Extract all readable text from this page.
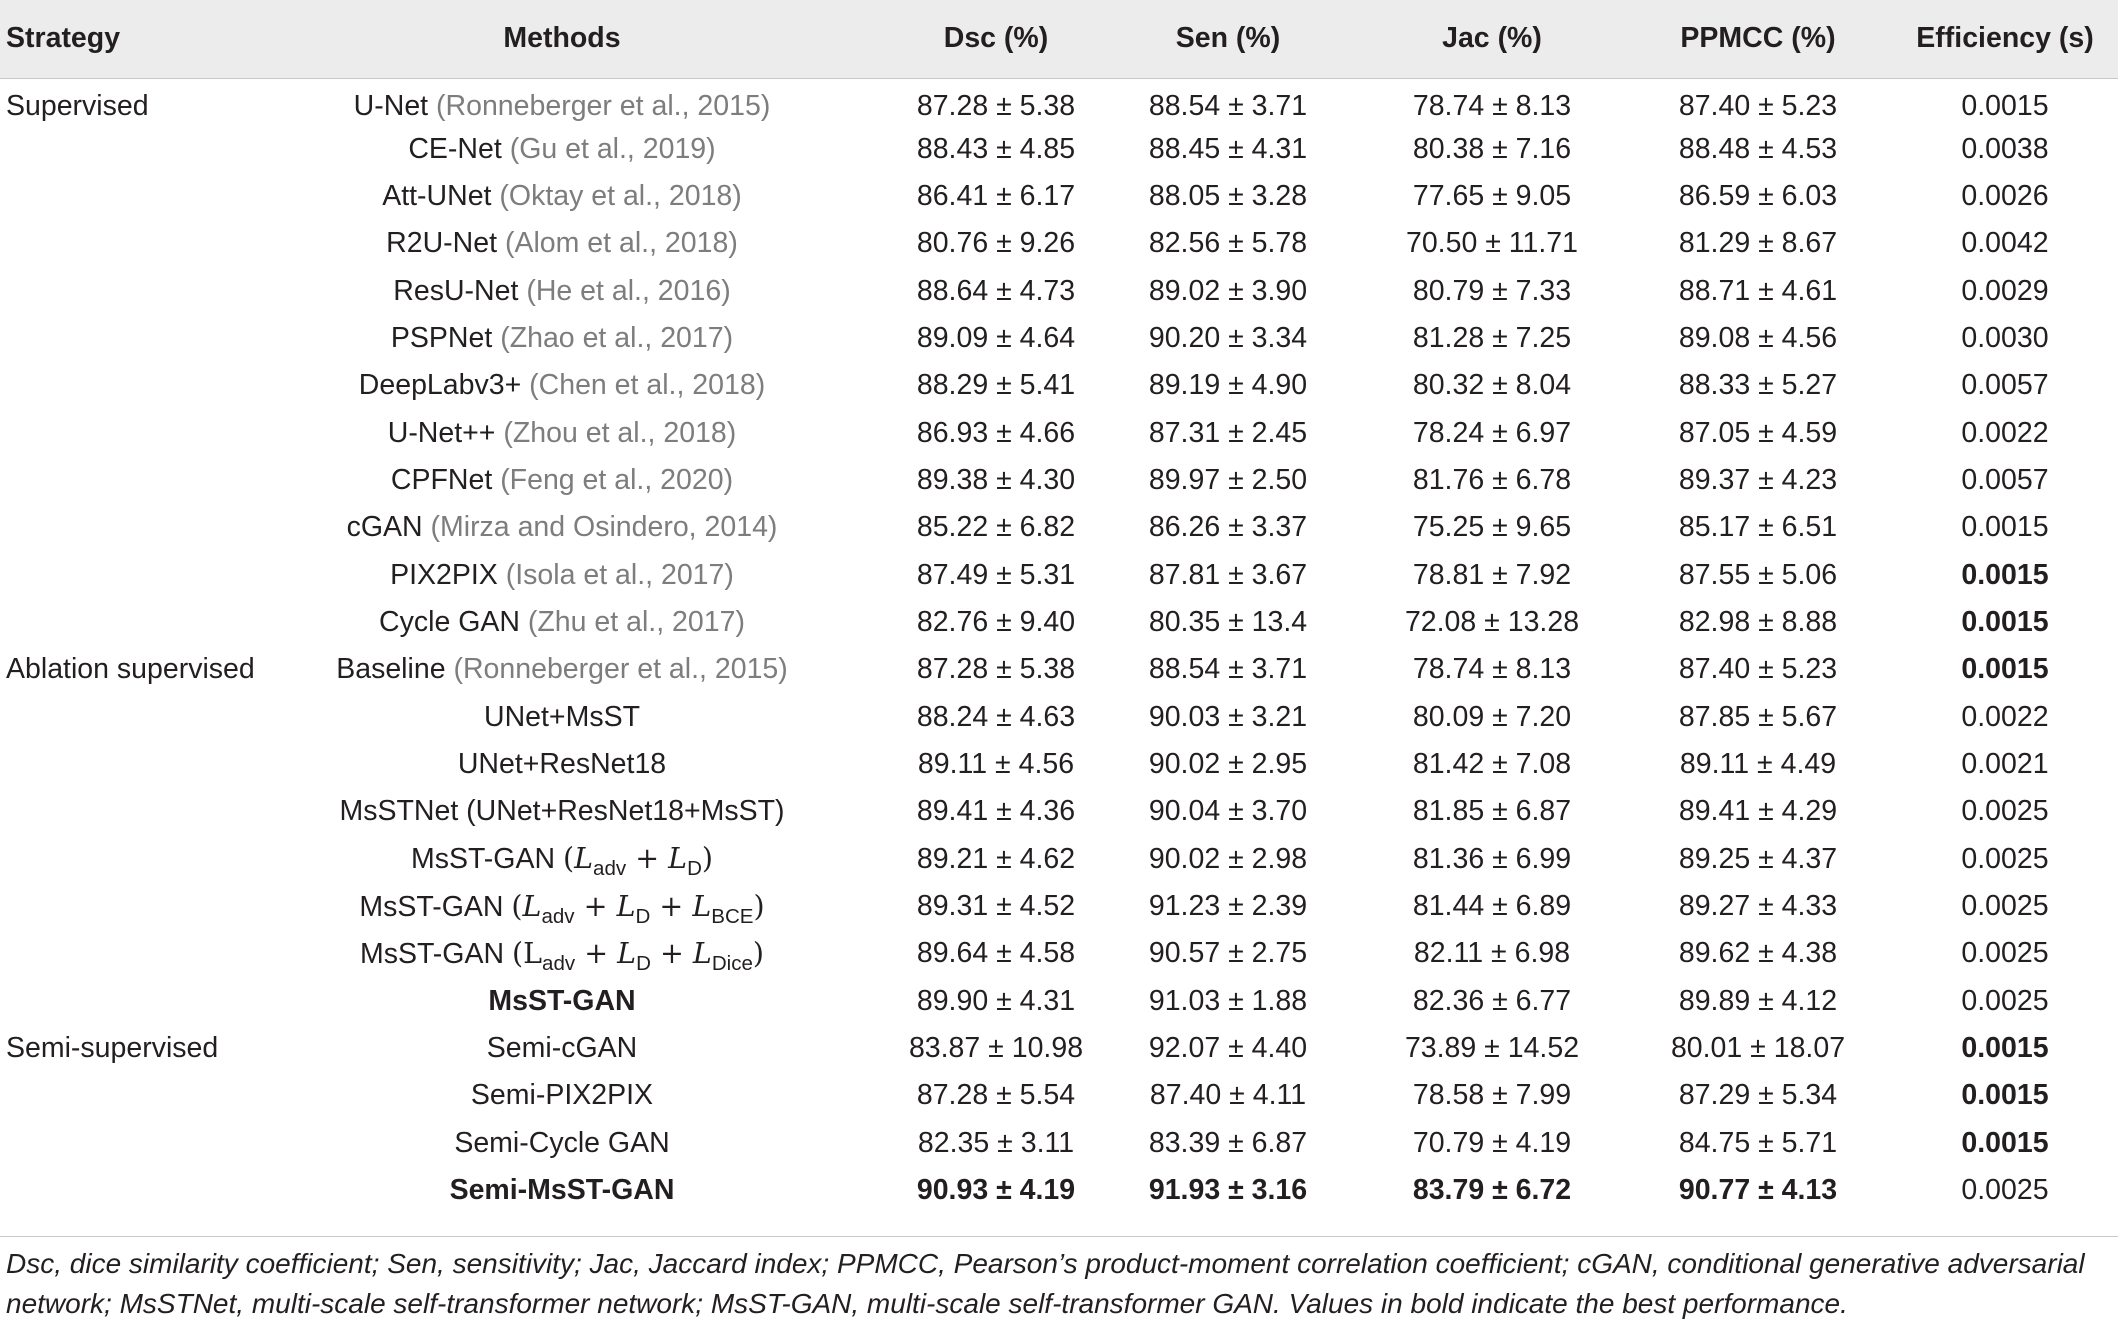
Strategy	Methods	Dsc (%)	Sen (%)	Jac (%)	PPMCC (%)	Efficiency (s)
Supervised	U-Net (Ronneberger et al., 2015)	87.28 ± 5.38	88.54 ± 3.71	78.74 ± 8.13	87.40 ± 5.23	0.0015
	CE-Net (Gu et al., 2019)	88.43 ± 4.85	88.45 ± 4.31	80.38 ± 7.16	88.48 ± 4.53	0.0038
	Att-UNet (Oktay et al., 2018)	86.41 ± 6.17	88.05 ± 3.28	77.65 ± 9.05	86.59 ± 6.03	0.0026
	R2U-Net (Alom et al., 2018)	80.76 ± 9.26	82.56 ± 5.78	70.50 ± 11.71	81.29 ± 8.67	0.0042
	ResU-Net (He et al., 2016)	88.64 ± 4.73	89.02 ± 3.90	80.79 ± 7.33	88.71 ± 4.61	0.0029
	PSPNet (Zhao et al., 2017)	89.09 ± 4.64	90.20 ± 3.34	81.28 ± 7.25	89.08 ± 4.56	0.0030
	DeepLabv3+ (Chen et al., 2018)	88.29 ± 5.41	89.19 ± 4.90	80.32 ± 8.04	88.33 ± 5.27	0.0057
	U-Net++ (Zhou et al., 2018)	86.93 ± 4.66	87.31 ± 2.45	78.24 ± 6.97	87.05 ± 4.59	0.0022
	CPFNet (Feng et al., 2020)	89.38 ± 4.30	89.97 ± 2.50	81.76 ± 6.78	89.37 ± 4.23	0.0057
	cGAN (Mirza and Osindero, 2014)	85.22 ± 6.82	86.26 ± 3.37	75.25 ± 9.65	85.17 ± 6.51	0.0015
	PIX2PIX (Isola et al., 2017)	87.49 ± 5.31	87.81 ± 3.67	78.81 ± 7.92	87.55 ± 5.06	0.0015
	Cycle GAN (Zhu et al., 2017)	82.76 ± 9.40	80.35 ± 13.4	72.08 ± 13.28	82.98 ± 8.88	0.0015
Ablation supervised	Baseline (Ronneberger et al., 2015)	87.28 ± 5.38	88.54 ± 3.71	78.74 ± 8.13	87.40 ± 5.23	0.0015
	UNet+MsST	88.24 ± 4.63	90.03 ± 3.21	80.09 ± 7.20	87.85 ± 5.67	0.0022
	UNet+ResNet18	89.11 ± 4.56	90.02 ± 2.95	81.42 ± 7.08	89.11 ± 4.49	0.0021
	MsSTNet (UNet+ResNet18+MsST)	89.41 ± 4.36	90.04 ± 3.70	81.85 ± 6.87	89.41 ± 4.29	0.0025
	MsST-GAN $(L_{adv} + L_D)$	89.21 ± 4.62	90.02 ± 2.98	81.36 ± 6.99	89.25 ± 4.37	0.0025
	MsST-GAN $(L_{adv} + L_D + L_{BCE})$	89.31 ± 4.52	91.23 ± 2.39	81.44 ± 6.89	89.27 ± 4.33	0.0025
	MsST-GAN $(L_{adv} + L_D + L_{Dice})$	89.64 ± 4.58	90.57 ± 2.75	82.11 ± 6.98	89.62 ± 4.38	0.0025
	MsST-GAN	89.90 ± 4.31	91.03 ± 1.88	82.36 ± 6.77	89.89 ± 4.12	0.0025
Semi-supervised	Semi-cGAN	83.87 ± 10.98	92.07 ± 4.40	73.89 ± 14.52	80.01 ± 18.07	0.0015
	Semi-PIX2PIX	87.28 ± 5.54	87.40 ± 4.11	78.58 ± 7.99	87.29 ± 5.34	0.0015
	Semi-Cycle GAN	82.35 ± 3.11	83.39 ± 6.87	70.79 ± 4.19	84.75 ± 5.71	0.0015
	Semi-MsST-GAN	90.93 ± 4.19	91.93 ± 3.16	83.79 ± 6.72	90.77 ± 4.13	0.0025
Dsc, dice similarity coefficient; Sen, sensitivity; Jac, Jaccard index; PPMCC, Pearson’s product-moment correlation coefficient; cGAN, conditional generative adversarial network; MsSTNet, multi-scale self-transformer network; MsST-GAN, multi-scale self-transformer GAN. Values in bold indicate the best performance.
